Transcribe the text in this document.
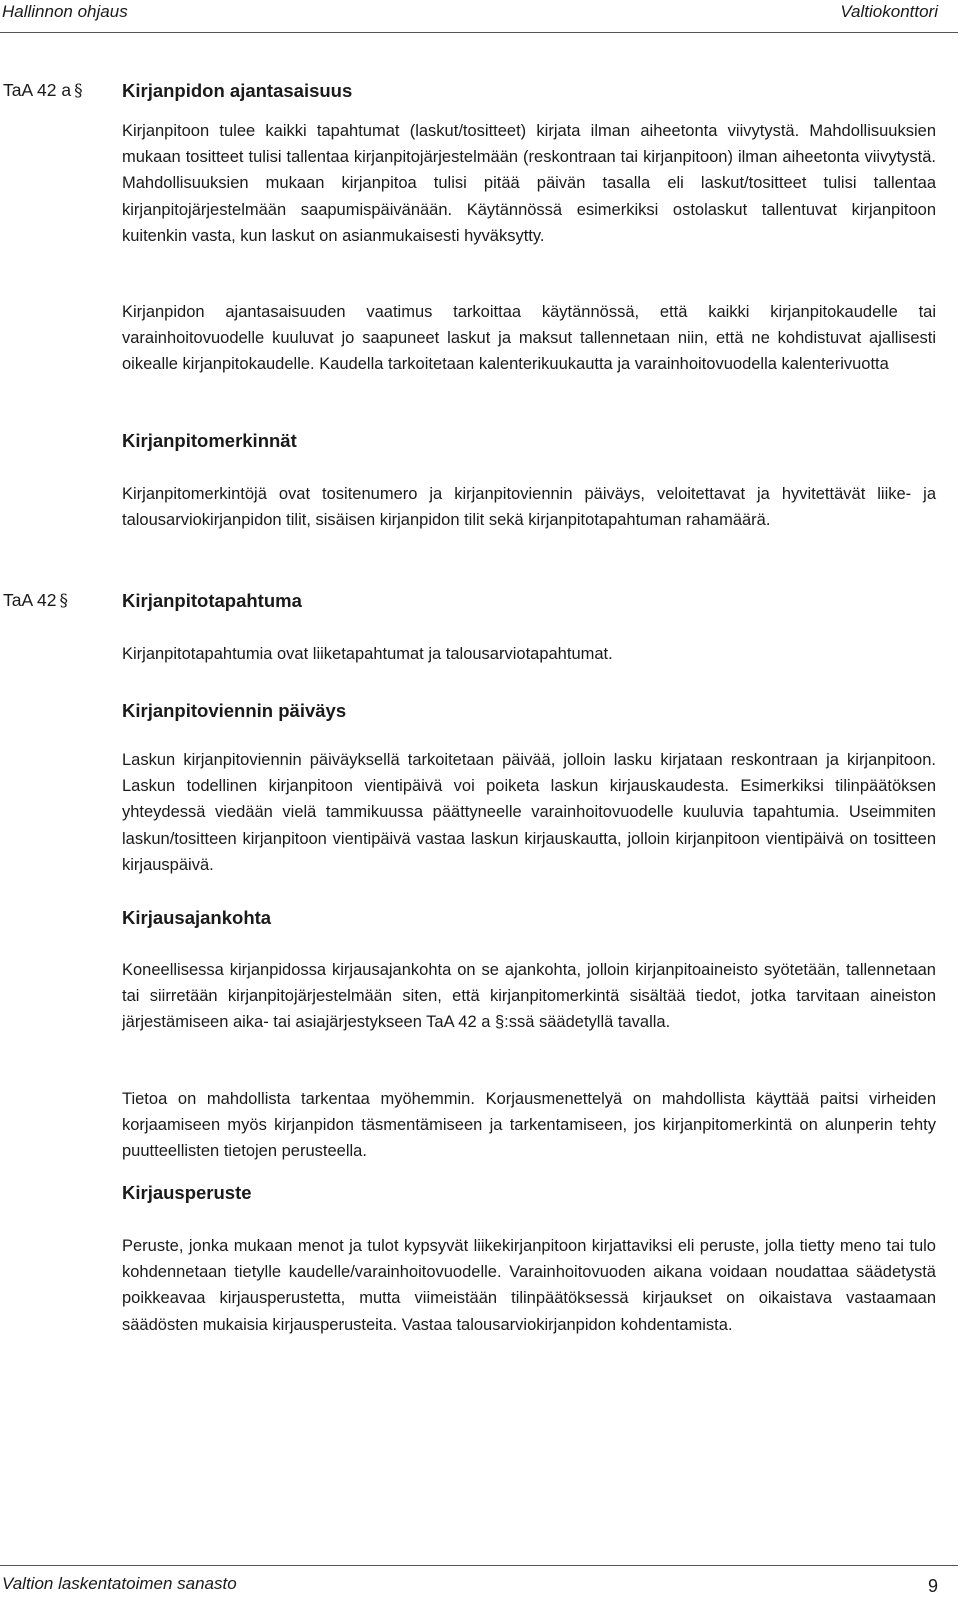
Hallinnon ohjaus	Valtiokonttori
TaA 42 a § Kirjanpidon ajantasaisuus
Kirjanpitoon tulee kaikki tapahtumat (laskut/tositteet) kirjata ilman aiheetonta viivytystä. Mahdollisuuksien mukaan tositteet tulisi tallentaa kirjanpitojärjestelmään (reskontraan tai kirjanpitoon) ilman aiheetonta viivytystä. Mahdollisuuksien mukaan kirjanpitoa tulisi pitää päivän tasalla eli laskut/tositteet tulisi tallentaa kirjanpitojärjestelmään saapumispäivänään. Käytännössä esimerkiksi ostolaskut tallentuvat kirjanpitoon kuitenkin vasta, kun laskut on asianmukaisesti hyväksytty.
Kirjanpidon ajantasaisuuden vaatimus tarkoittaa käytännössä, että kaikki kirjanpitokaudelle tai varainhoitovuodelle kuuluvat jo saapuneet laskut ja maksut tallennetaan niin, että ne kohdistuvat ajallisesti oikealle kirjanpitokaudelle. Kaudella tarkoitetaan kalenterikuukautta ja varainhoitovuodella kalenterivuotta
Kirjanpitomerkinnät
Kirjanpitomerkintöjä ovat tositenumero ja kirjanpitoviennin päiväys, veloitettavat ja hyvitettävät liike- ja talousarviokirjanpidon tilit, sisäisen kirjanpidon tilit sekä kirjanpitotapahtuman rahamäärä.
TaA 42 §	Kirjanpitotapahtuma
Kirjanpitotapahtumia ovat liiketapahtumat ja talousarviotapahtumat.
Kirjanpitoviennin päiväys
Laskun kirjanpitoviennin päiväyksellä tarkoitetaan päivää, jolloin lasku kirjataan reskontraan ja kirjanpitoon. Laskun todellinen kirjanpitoon vientipäivä voi poiketa laskun kirjauskaudesta. Esimerkiksi tilinpäätöksen yhteydessä viedään vielä tammikuussa päättyneelle varainhoitovuodelle kuuluvia tapahtumia. Useimmiten laskun/tositteen kirjanpitoon vientipäivä vastaa laskun kirjauskautta, jolloin kirjanpitoon vientipäivä on tositteen kirjauspäivä.
Kirjausajankohta
Koneellisessa kirjanpidossa kirjausajankohta on se ajankohta, jolloin kirjanpitoaineisto syötetään, tallennetaan tai siirretään kirjanpitojärjestelmään siten, että kirjanpitomerkintä sisältää tiedot, jotka tarvitaan aineiston järjestämiseen aika- tai asiajärjestykseen TaA 42 a §:ssä säädetyllä tavalla.
Tietoa on mahdollista tarkentaa myöhemmin. Korjausmenettelyä on mahdollista käyttää paitsi virheiden korjaamiseen myös kirjanpidon täsmentämiseen ja tarkentamiseen, jos kirjanpitomerkintä on alunperin tehty puutteellisten tietojen perusteella.
Kirjausperuste
Peruste, jonka mukaan menot ja tulot kypsyvät liikekirjanpitoon kirjattaviksi eli peruste, jolla tietty meno tai tulo kohdennetaan tietylle kaudelle/varainhoitovuodelle. Varainhoitovuoden aikana voidaan noudattaa säädetystä poikkeavaa kirjausperustetta, mutta viimeistään tilinpäätöksessä kirjaukset on oikaistava vastaamaan säädösten mukaisia kirjausperusteita. Vastaa talousarviokirjanpidon kohdentamista.
Valtion laskentatoimen sanasto	9
